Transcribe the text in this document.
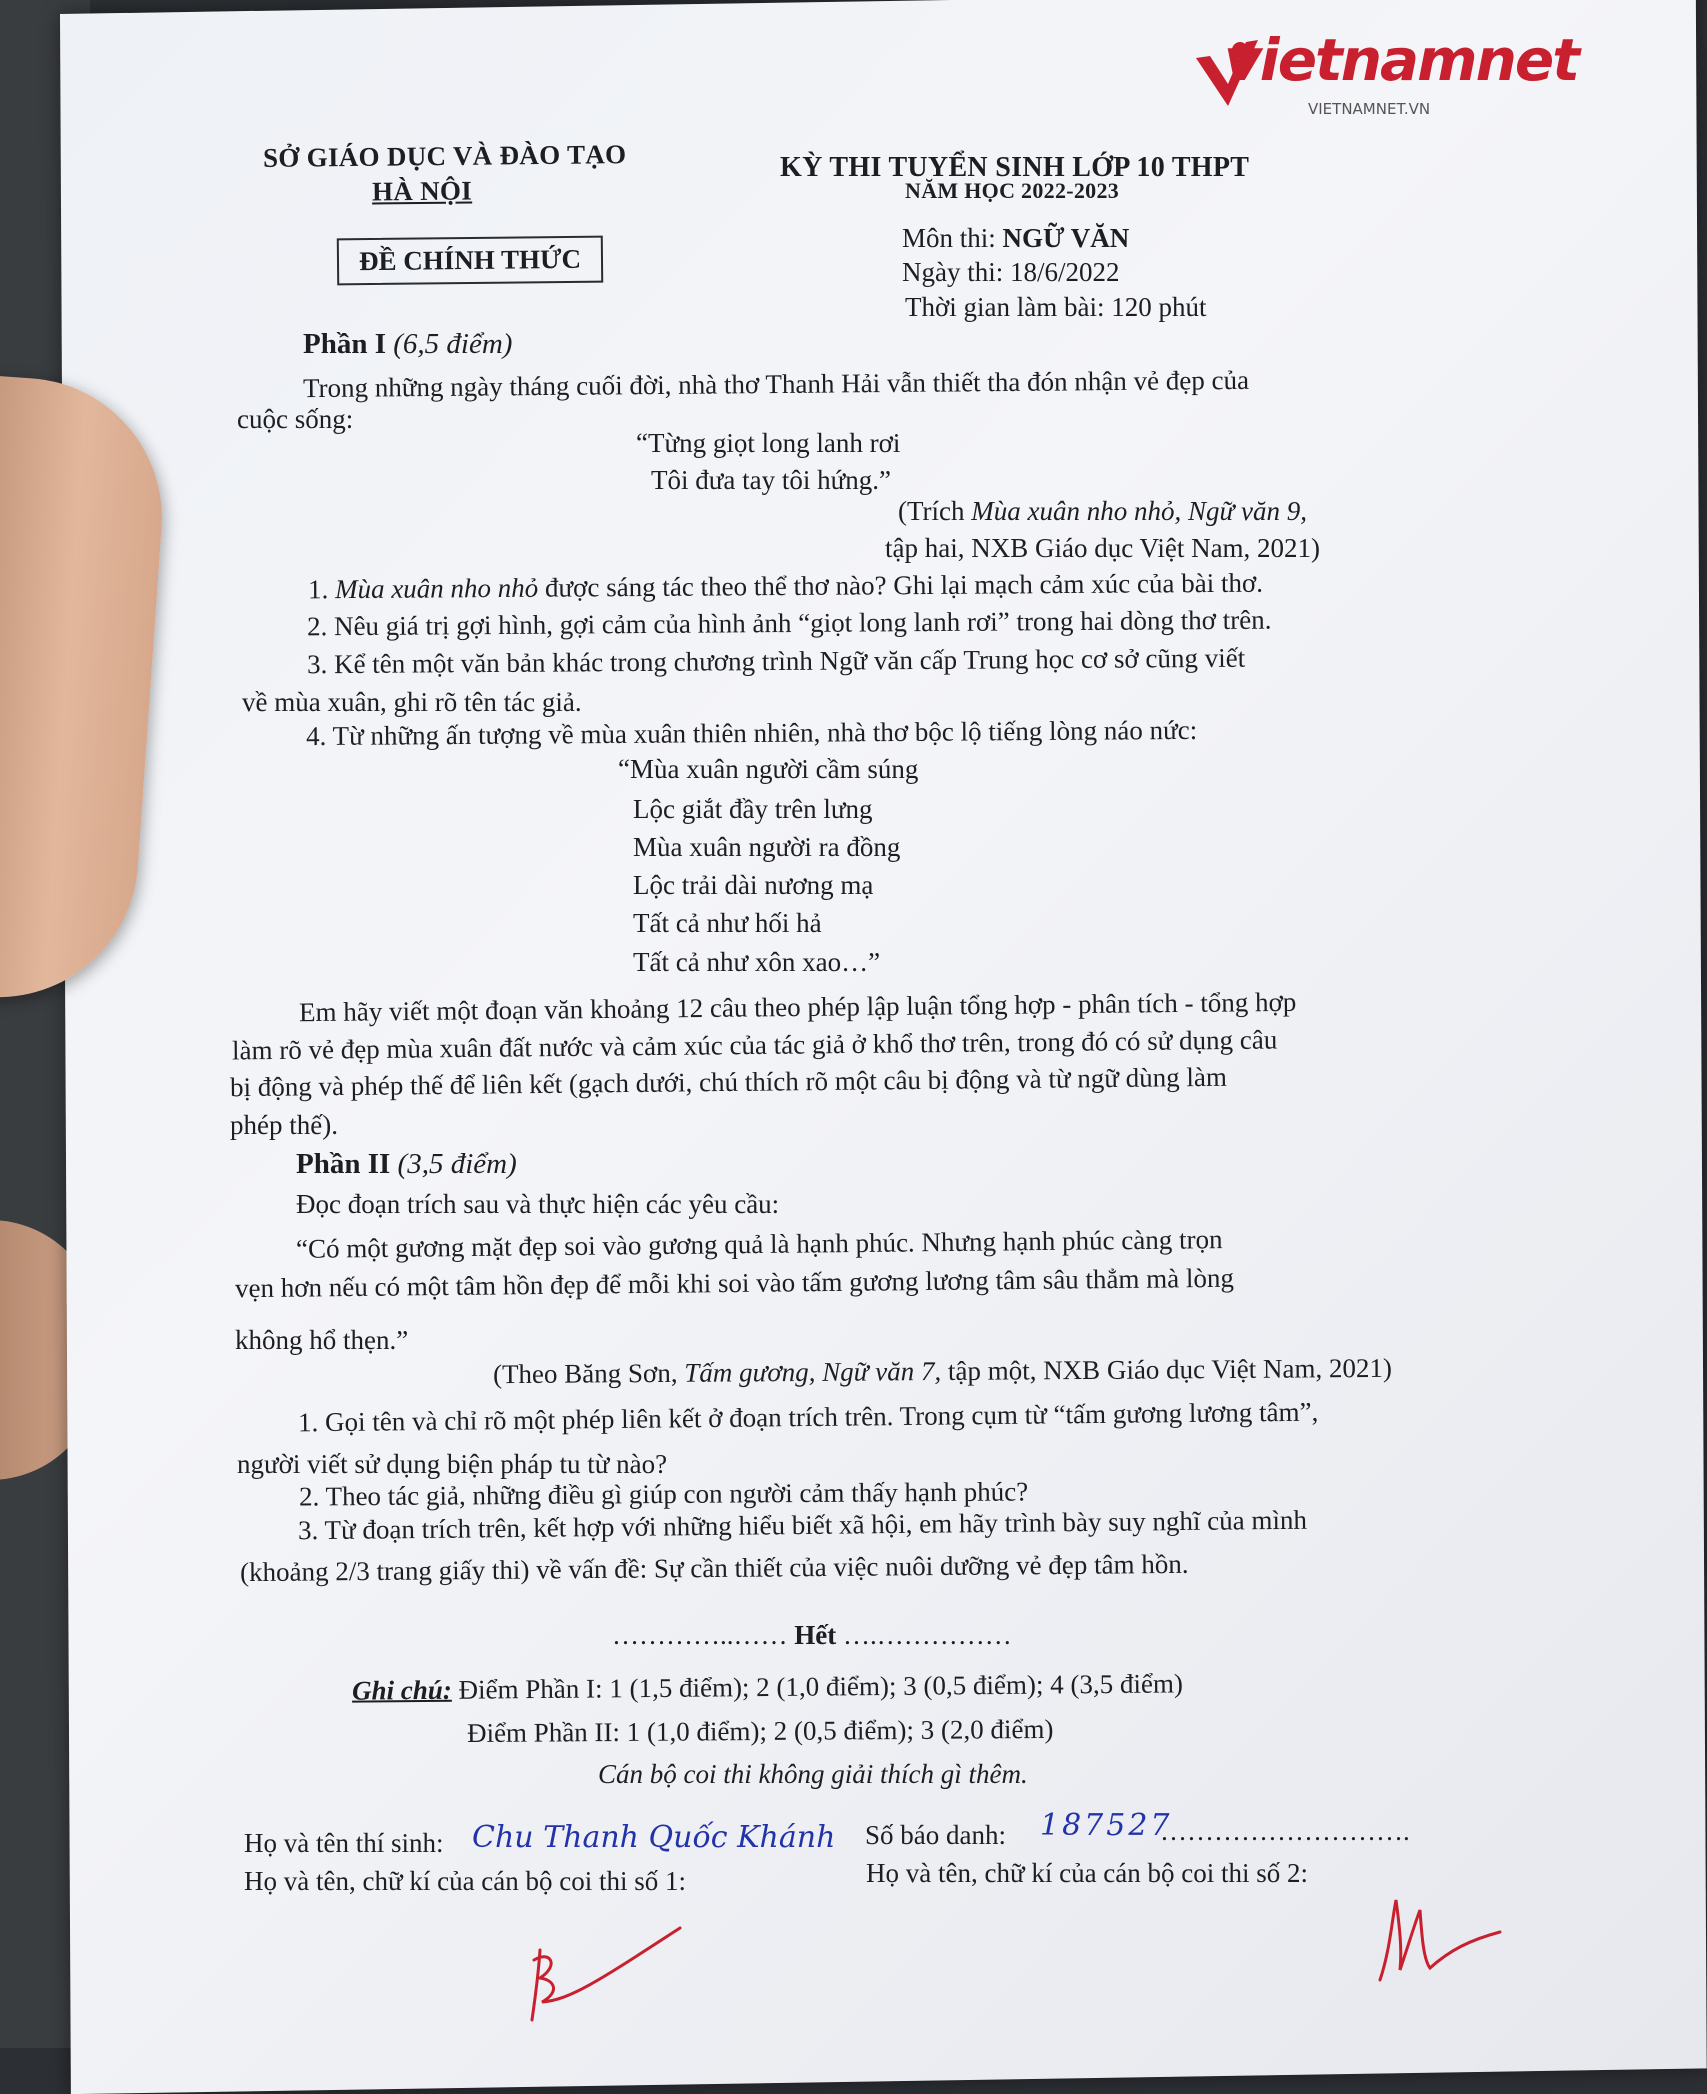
vietnamnet
VIETNAMNET.VN
SỞ GIÁO DỤC VÀ ĐÀO TẠO
HÀ NỘI
ĐỀ CHÍNH THỨC
KỲ THI TUYỂN SINH LỚP 10 THPT
NĂM HỌC 2022-2023
Môn thi: NGỮ VĂN
Ngày thi: 18/6/2022
Thời gian làm bài: 120 phút
Phần I (6,5 điểm)
Trong những ngày tháng cuối đời, nhà thơ Thanh Hải vẫn thiết tha đón nhận vẻ đẹp của
cuộc sống:
“Từng giọt long lanh rơi
Tôi đưa tay tôi hứng.”
(Trích Mùa xuân nho nhỏ, Ngữ văn 9,
tập hai, NXB Giáo dục Việt Nam, 2021)
1. Mùa xuân nho nhỏ được sáng tác theo thể thơ nào? Ghi lại mạch cảm xúc của bài thơ.
2. Nêu giá trị gợi hình, gợi cảm của hình ảnh “giọt long lanh rơi” trong hai dòng thơ trên.
3. Kể tên một văn bản khác trong chương trình Ngữ văn cấp Trung học cơ sở cũng viết
về mùa xuân, ghi rõ tên tác giả.
4. Từ những ấn tượng về mùa xuân thiên nhiên, nhà thơ bộc lộ tiếng lòng náo nức:
“Mùa xuân người cầm súng
Lộc giắt đầy trên lưng
Mùa xuân người ra đồng
Lộc trải dài nương mạ
Tất cả như hối hả
Tất cả như xôn xao…”
Em hãy viết một đoạn văn khoảng 12 câu theo phép lập luận tổng hợp - phân tích - tổng hợp
làm rõ vẻ đẹp mùa xuân đất nước và cảm xúc của tác giả ở khổ thơ trên, trong đó có sử dụng câu
bị động và phép thế để liên kết (gạch dưới, chú thích rõ một câu bị động và từ ngữ dùng làm
phép thế).
Phần II (3,5 điểm)
Đọc đoạn trích sau và thực hiện các yêu cầu:
“Có một gương mặt đẹp soi vào gương quả là hạnh phúc. Nhưng hạnh phúc càng trọn
vẹn hơn nếu có một tâm hồn đẹp để mỗi khi soi vào tấm gương lương tâm sâu thẳm mà lòng
không hổ thẹn.”
(Theo Băng Sơn, Tấm gương, Ngữ văn 7, tập một, NXB Giáo dục Việt Nam, 2021)
1. Gọi tên và chỉ rõ một phép liên kết ở đoạn trích trên. Trong cụm từ “tấm gương lương tâm”,
người viết sử dụng biện pháp tu từ nào?
2. Theo tác giả, những điều gì giúp con người cảm thấy hạnh phúc?
3. Từ đoạn trích trên, kết hợp với những hiểu biết xã hội, em hãy trình bày suy nghĩ của mình
(khoảng 2/3 trang giấy thi) về vấn đề: Sự cần thiết của việc nuôi dưỡng vẻ đẹp tâm hồn.
…………..…… Hết ….……………
Ghi chú: Điểm Phần I: 1 (1,5 điểm); 2 (1,0 điểm); 3 (0,5 điểm); 4 (3,5 điểm)
Điểm Phần II: 1 (1,0 điểm); 2 (0,5 điểm); 3 (2,0 điểm)
Cán bộ coi thi không giải thích gì thêm.
Họ và tên thí sinh: Chu Thanh Quốc Khánh Số báo danh: 187527
……………………….
Họ và tên, chữ kí của cán bộ coi thi số 1:	Họ và tên, chữ kí của cán bộ coi thi số 2:
